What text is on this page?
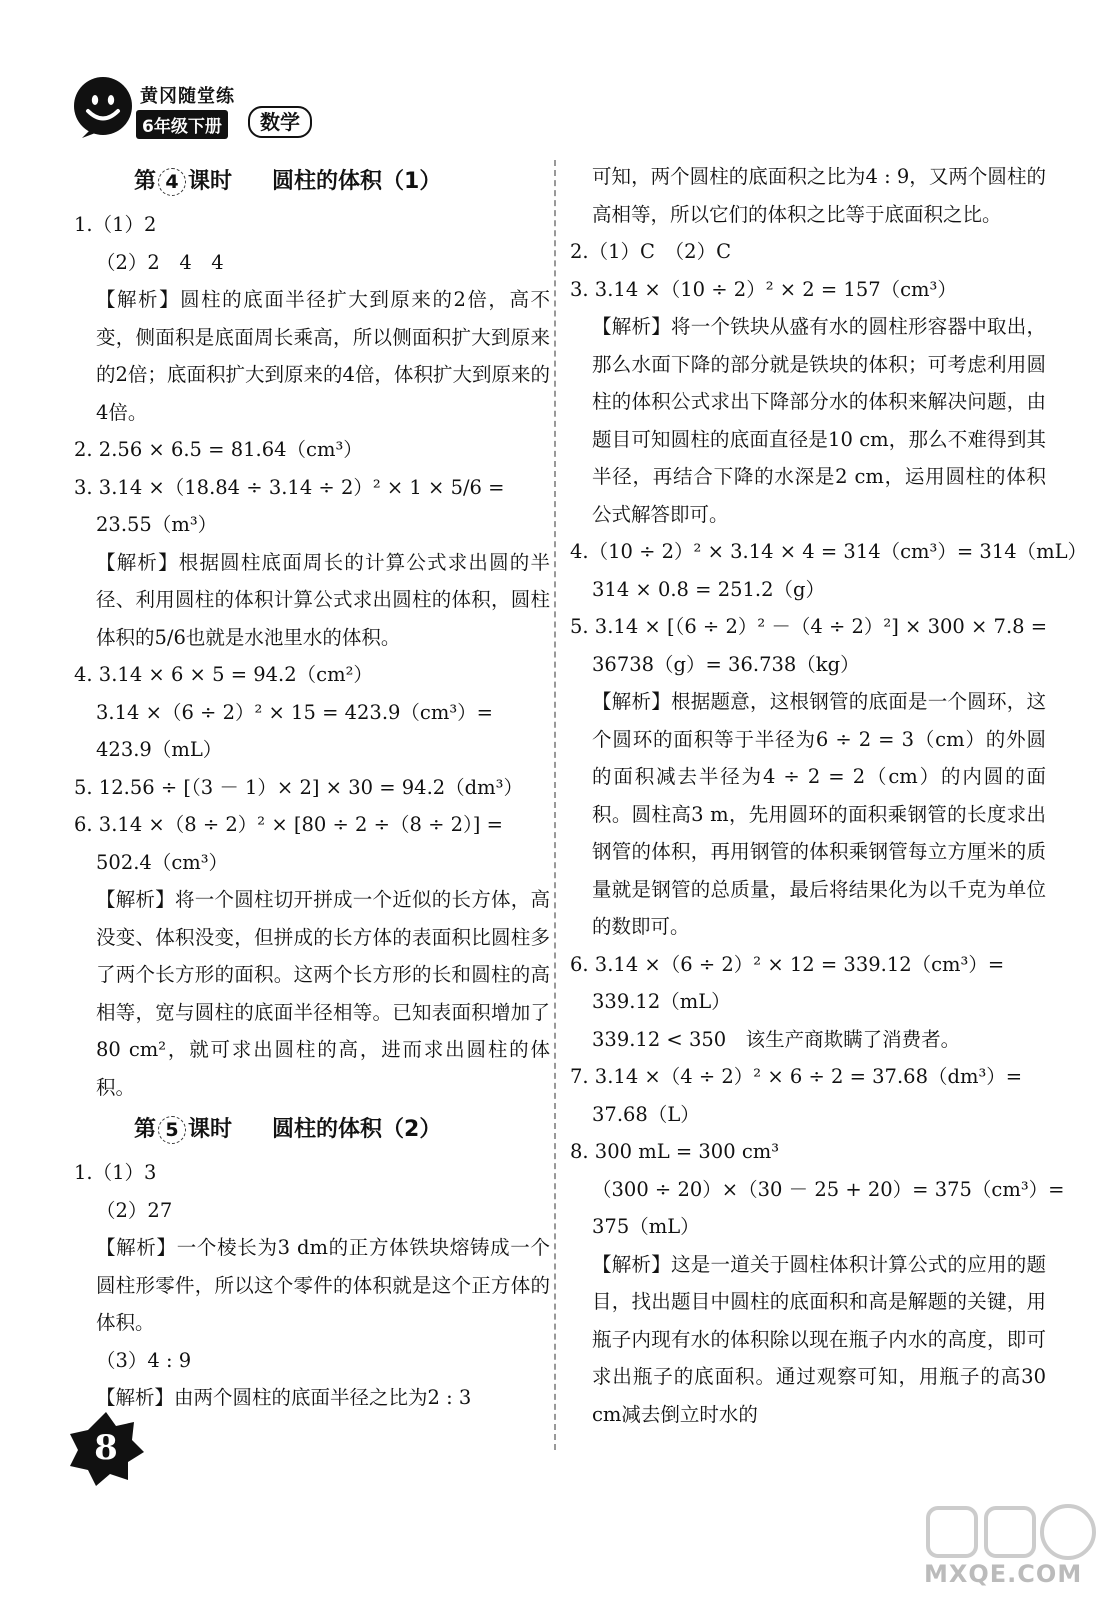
黄冈随堂练
6年级下册	数学
第 4 课时 圆柱的体积（1）
1.（1）2
（2）2　4　4
【解析】圆柱的底面半径扩大到原来的2倍，高不变，侧面积是底面周长乘高，所以侧面积扩大到原来的2倍；底面积扩大到原来的4倍，体积扩大到原来的4倍。
2. 2.56 × 6.5 = 81.64（cm³）
3. 3.14 ×（18.84 ÷ 3.14 ÷ 2）² × 1 × 5/6 =
23.55（m³）
【解析】根据圆柱底面周长的计算公式求出圆的半径、利用圆柱的体积计算公式求出圆柱的体积，圆柱体积的5/6也就是水池里水的体积。
4. 3.14 × 6 × 5 = 94.2（cm²）
3.14 ×（6 ÷ 2）² × 15 = 423.9（cm³）=
423.9（mL）
5. 12.56 ÷ [（3 － 1）× 2] × 30 = 94.2（dm³）
6. 3.14 ×（8 ÷ 2）² × [80 ÷ 2 ÷（8 ÷ 2）] =
502.4（cm³）
【解析】将一个圆柱切开拼成一个近似的长方体，高没变、体积没变，但拼成的长方体的表面积比圆柱多了两个长方形的面积。这两个长方形的长和圆柱的高相等，宽与圆柱的底面半径相等。已知表面积增加了80 cm²，就可求出圆柱的高，进而求出圆柱的体积。
第 5 课时 圆柱的体积（2）
1.（1）3
（2）27
【解析】一个棱长为3 dm的正方体铁块熔铸成一个圆柱形零件，所以这个零件的体积就是这个正方体的体积。
（3）4 : 9
【解析】由两个圆柱的底面半径之比为2 : 3
可知，两个圆柱的底面积之比为4 : 9，又两个圆柱的高相等，所以它们的体积之比等于底面积之比。
2.（1）C　（2）C
3. 3.14 ×（10 ÷ 2）² × 2 = 157（cm³）
【解析】将一个铁块从盛有水的圆柱形容器中取出，那么水面下降的部分就是铁块的体积；可考虑利用圆柱的体积公式求出下降部分水的体积来解决问题，由题目可知圆柱的底面直径是10 cm，那么不难得到其半径，再结合下降的水深是2 cm，运用圆柱的体积公式解答即可。
4.（10 ÷ 2）² × 3.14 × 4 = 314（cm³）= 314（mL）
314 × 0.8 = 251.2（g）
5. 3.14 × [（6 ÷ 2）² －（4 ÷ 2）²] × 300 × 7.8 =
36738（g）= 36.738（kg）
【解析】根据题意，这根钢管的底面是一个圆环，这个圆环的面积等于半径为6 ÷ 2 = 3（cm）的外圆的面积减去半径为4 ÷ 2 = 2（cm）的内圆的面积。圆柱高3 m，先用圆环的面积乘钢管的长度求出钢管的体积，再用钢管的体积乘钢管每立方厘米的质量就是钢管的总质量，最后将结果化为以千克为单位的数即可。
6. 3.14 ×（6 ÷ 2）² × 12 = 339.12（cm³）=
339.12（mL）
339.12 < 350　该生产商欺瞒了消费者。
7. 3.14 ×（4 ÷ 2）² × 6 ÷ 2 = 37.68（dm³）=
37.68（L）
8. 300 mL = 300 cm³
（300 ÷ 20）×（30 － 25 + 20）= 375（cm³）=
375（mL）
【解析】这是一道关于圆柱体积计算公式的应用的题目，找出题目中圆柱的底面积和高是解题的关键，用瓶子内现有水的体积除以现在瓶子内水的高度，即可求出瓶子的底面积。通过观察可知，用瓶子的高30 cm减去倒立时水的
8
MXQE.COM
